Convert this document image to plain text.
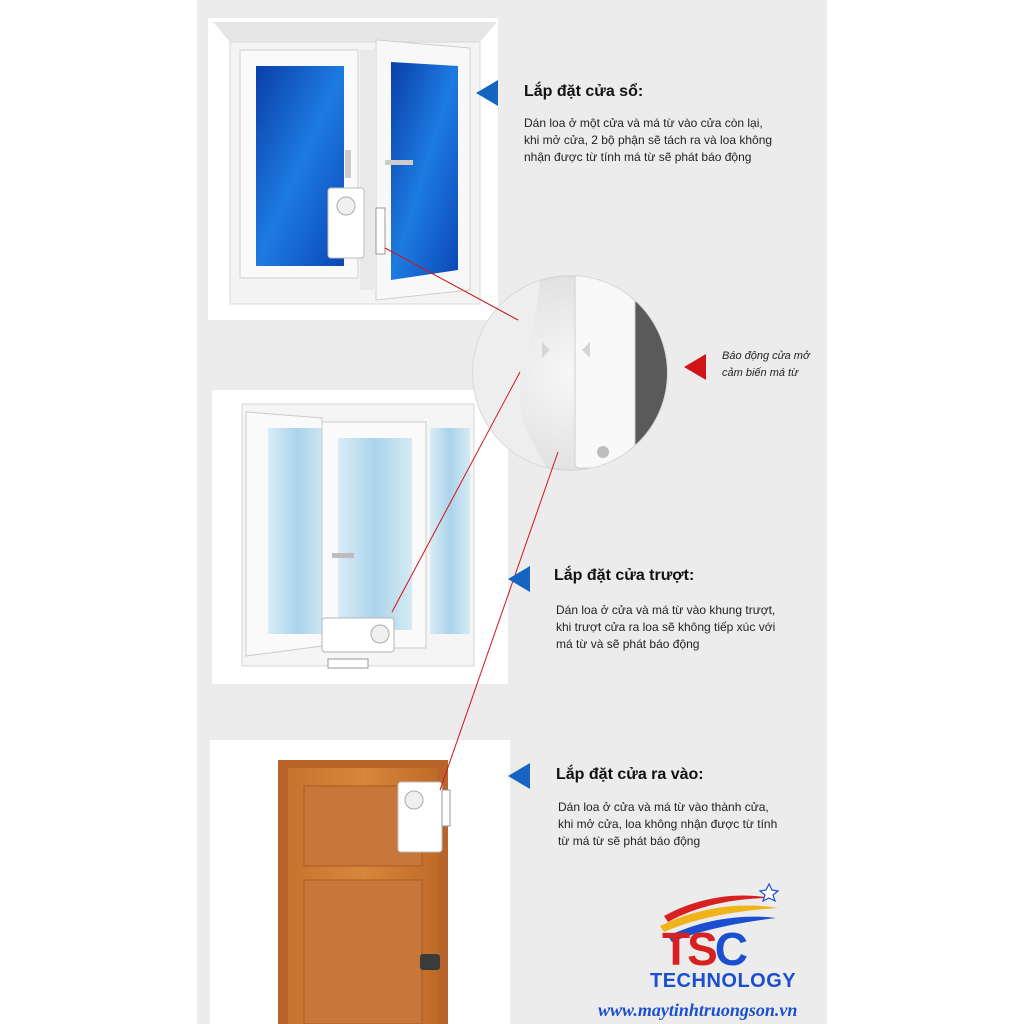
Lắp đặt cửa sổ:
Dán loa ở một cửa và má từ vào cửa còn lại,
khi mở cửa, 2 bộ phận sẽ tách ra và loa không
nhận được từ tính má từ sẽ phát báo động
Báo động cửa mở
cảm biến má từ
Lắp đặt cửa trượt:
Dán loa ở cửa và má từ vào khung trượt,
khi trượt cửa ra loa sẽ không tiếp xúc với
má từ và sẽ phát báo động
Lắp đặt cửa ra vào:
Dán loa ở cửa và má từ vào thành cửa,
khi mở cửa, loa không nhận được từ tính
từ má từ sẽ phát báo động
TSC
TECHNOLOGY
www.maytinhtruongson.vn
